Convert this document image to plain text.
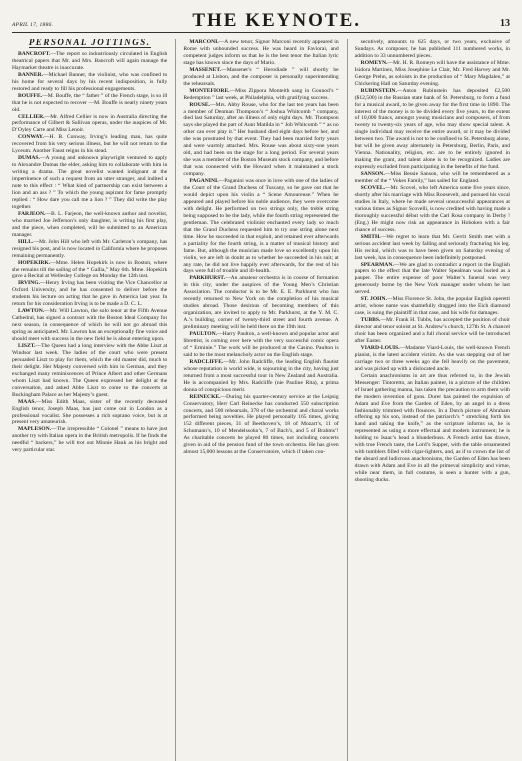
APRIL 17, 1886.	THE KEYNOTE.	13
PERSONAL JOTTINGS.

BANCROFT.—The report so industriously circulated in English theatrical papers that Mr. and Mrs. Bancroft will again manage the Haymarket theatre is inaccurate.

BANNER.—Michael Banner, the violinist, who was confined to his home for several days by his recent indisposition, is fully restored and ready to fill his professional engagements.

BOUFFE.—M. Bouffe, the “ father ” of the French stage, is so ill that he is not expected to recover —M. Bouffe is nearly ninety years old.

CELLIER.—Mr. Alfred Cellier is now in Australia directing the performance of Gilbert & Sullivan operas, under the auspices of Mr. D’Oyley Carte and Miss Lenoir.

CONWAY.—H. B. Conway, Irving’s leading man, has quite recovered from his very serious illness, but he will not return to the Lyceum. Another Faust reigns in his stead.

DUMAS.—A young and unknown playwright ventured to apply to Alexandre Dumas the elder, asking him to collaborate with him in writing a drama. The great novelist wanted indignant at the impertinence of such a request from an utter stranger, and indited a note to this effect : “ What kind of partnership can exist between a lion and an ass ? ” To which the young aspirant for fame promptly replied : “ How dare you call me a lion ? ” They did write the play together.

FARJEON.—B. L. Farjeon, the well-known author and novelist, who married Joe Jefferson’s only daughter, is writing his first play, and the piece, when completed, will be submitted to an American manager.

HILL.—Mr. John Hill who left with Mr. Carleton’s company, has resigned his post, and is now located in California where he proposes remaining permanently.

HOPEKIRK.—Mme. Helen Hopekirk is now in Boston, where she remains till the sailing of the “ Gallia,” May 6th. Mme. Hopekirk gave a Recital at Wellesley College on Monday the 12th inst.

IRVING.—Henry Irving has been visiting the Vice Chancellor at Oxford University, and he has consented to deliver before the students his lecture on acting that he gave in America last year. In return for his consideration Irving is to be made a D. C. L.

LAWTON.—Mr. Will Lawton, the solo tenor at the Fifth Avenue Cathedral, has signed a contract with the Boston Ideal Company for next season, in consequence of which he will not go abroad this spring as anticipated. Mr. Lawton has an exceptionally fine voice and should meet with success in the new field he is about entering upon.

LISZT.—The Queen had a long interview with the Abbe Liszt at Windsor last week. The ladies of the court who were present persuaded Liszt to play for them, which the old master did, much to their delight. Her Majesty conversed with him in German, and they exchanged many reminiscences of Prince Albert and other Germans whom Liszt had known. The Queen expressed her delight at the conversation, and asked Abbe Liszt to come to the concerts at Buckingham Palace as her Majesty’s guest.

MAAS.—Miss Edith Maas, sister of the recently deceased English tenor, Joseph Maas, has just come out in London as a professional vocalist. She possesses a rich soprano voice, but is at present very amateurish.

MAPLESON.—The irrepressible “ Colonel ” means to have just another try with Italian opera in the British metropolis. If he finds the needful “ backers,” he will trot out Minnie Hauk as his bright and very particular star.

MARCONI.—A new tenor, Signor Marconi recently appeared in Rome with unbounded success. He was heard in Faviorai, and competent judges inform us that he is the best tenor the Italian lyric stage has known since the days of Mario.

MASSENET.—Massenet’s “ Herodiade ” will shortly be produced at Lisbon, and the composer is personally superintending the rehearsals.

MONTEFIORE.—Miss Zippora Monteith sang in Gounod’s “ Redemption ” last week, at Philadelphia, with gratifying success.

ROUSE.—Mrs. Abby Rouse, who for the last ten years has been a member of Denman Thompson’s “ Joshua Whitcomb ” company, died last Saturday, after an illness of only eight days. Mr. Thompson says she played the part of Aunt Matilda in “ Job Whitcomb ” “ as no other can ever play it.” Her husband died eight days before her, and she was prostrated by that event. They had been married forty years and were warmly attached. Mrs. Rouse was about sixty-one years old, and had been on the stage for a long period. For several years she was a member of the Boston Museum stock company, and before that was connected with the Howard when it maintained a stock company.

PAGANINI.—Paganini was once in love with one of the ladies of the Court of the Grand Duchess of Tuscany, so he gave out that he would depict upon his violin a “ Scene Amoureuse.” When he appeared and played before his noble audience, they were overcome with delight. He performed on two strings only, the treble string being supposed to be the lady, while the fourth string represented the gentleman. The celebrated violinist enchanted every lady so much that the Grand Duchess requested him to try one string alone next time. How he succeeded in that exploit, and retained ever afterwards a partiality for the fourth string, is a matter of musical history and fame. But, although the musician made love so excellently upon his violin, we are left in doubt as to whether he succeeded in his suit; at any rate, he did not live happily ever afterwards, for the rest of his days were full of trouble and ill-health.

PARKHURST.—An amateur orchestra is in course of formation in this city, under the auspices of the Young Men’s Christian Association. The conductor is to be Mr. E. E. Parkhurst who has recently returned to New York on the completion of his musical studies abroad. Those desirous of becoming members of this organization, are invited to apply to Mr. Parkhurst, at the Y. M. C. A.’s building, corner of twenty-third street and fourth avenue. A preliminary meeting will be held there on the 19th inst.

PAULTON.—Harry Paulton, a well-known and popular actor and librettist, is coming over here with the very successful comic opera of “ Erminie.” The work will be produced at the Casino. Paulton is said to be the most melancholy actor on the English stage.

RADCLIFFE.—Mr. John Radcliffe, the leading English flautist whose reputation is world wide, is sojourning in the city, having just returned from a most successful tour in New Zealand and Australia. He is accompanied by Mrs. Radcliffe (nie Pauline Rita), a prima donna of conspicious merit.

REINECKE.—During his quarter-century service at the Leipsig Conservatory, Herr Carl Reinecke has conducted 550 subscription concerts, and 500 rehearsals, 378 of the orchestral and choral works performed being novelties. He played personally 165 times, giving 152 different pieces, 31 of Beethoven’s, 18 of Mozart’s, 11 of Schumann’s, 10 of Mendelssohn’s, 7 of Bach’s, and 5 of Brahms’! As charitable concerts he played 80 times, not including concerts given in aid of the pension fund of the town orchestra. He has given almost 15,000 lessons at the Conservatoire, which if taken con-

secutively, amounts to 625 days, or two years, exclusive of Sundays. As composer, he has published 111 numbered works, in addition to 33 unnumbered pieces.

ROMEYN.—Mr. H. R. Romeyn will have the assistance of Mme. Isidora Martinez, Miss Josephine Le Clair, Mr. Fred Harvey and Mr. George Prehn, as soloists in the production of “ Mary Magdalen,” at Chickering Hall on Saturday evening.

RUBINSTEIN.—Anton Rubinstein has deposited £2,500 ($12,500) in the Russian state bank of St. Petersburg, to form a fund for a musical award, to be given away for the first time in 1890. The interest of the money is to be divided every five years, to the extent of 10,000 francs, amongst young musicians and composers, of from twenty to twenty-six years of age, who may show special talent. A single individual may receive the entire award, or it may be divided between two. The award is not to be confined to St. Petersburg alone, but will be given away alternately in Petersburg, Berlin, Paris, and Vienna. Nationality, religion, etc. are to be entirely ignored in making the grant, and talent alone is to be recognized. Ladies are expressly excluded from participating in the benefits of the fund.

SANSON.—Miss Bessie Sanson, who will be remembered as a member of the “ Vokes Family,” has sailed for England.

SCOVEL.—Mr. Scovel, who left America some five years since, shortly after his marriage with Miss Roosevelt, and pursued his vocal studies in Italy, where he made several unsuccessful appearances at various times as Signor Scovelli, is now credited with having made a thoroughly successful début with the Carl Rosa company in Derby ! (Eng.) He might now risk an appearance in Hoboken with a fair chance of success.

SMITH.—We regret to learn that Mr. Gerrit Smith met with a serious accident last week by falling and seriously fracturing his leg. His recital, which was to have been given on Saturday evening of last week, has in consequence been indefinitely postponed.

SPEARMAN.—We are glad to contradict a report in the English papers to the effect that the late Walter Spealman was buried as a pauper. The entire expense of poor Walter’s funeral was very generously borne by the New York manager under whom he last served.

ST. JOHN.—Miss Florence St. John, the popular English operetti artist, whose name was shamefully dragged into the Eich diamond case, is suing the plaintiff in that case, and his wife for damages.

TUBBS.—Mr. Frank H. Tubbs, has accepted the position of choir director and tenor soloist at St. Andrew’s church, 127th St. A chancel choir has been organized and a full choral service will be introduced after Easter.

VIARD-LOUIS.—Madame Viard-Louis, the well-known French pianist, is the latest accident victim. As she was stepping out of her carriage two or three weeks ago she fell heavily on the pavement, and was picked up with a dislocated ancle.

Certain anachronisms in art are thus referred to, in the Jewish Messenger: Tintoretto, an Italian painter, in a picture of the children of Israel gathering manna, has taken the precaution to arm them with the modern invention of guns. Durer has painted the expulsion of Adam and Eve from the Garden of Eden, by an angel in a dress fashionably trimmed with flounces. In a Dutch picture of Abraham offering up his son, instead of the patriarch’s “ stretching forth his hand and taking the knife,” as the scripture informs us, he is represented as using a more effectual and modern instrument; he is holding to Isaac’s head a blunderbuss. A French artist has drawn, with true French taste, the Lord’s Supper, with the table ornamented with tumblers filled with cigar-lighters, and, as if to crown the list of the absurd and ludicrous anachronisms, the Garden of Eden has been drawn with Adam and Eve in all the primeval simplicity and virtue, while near them, in full costume, is seen a hunter with a gun, shooting ducks.
